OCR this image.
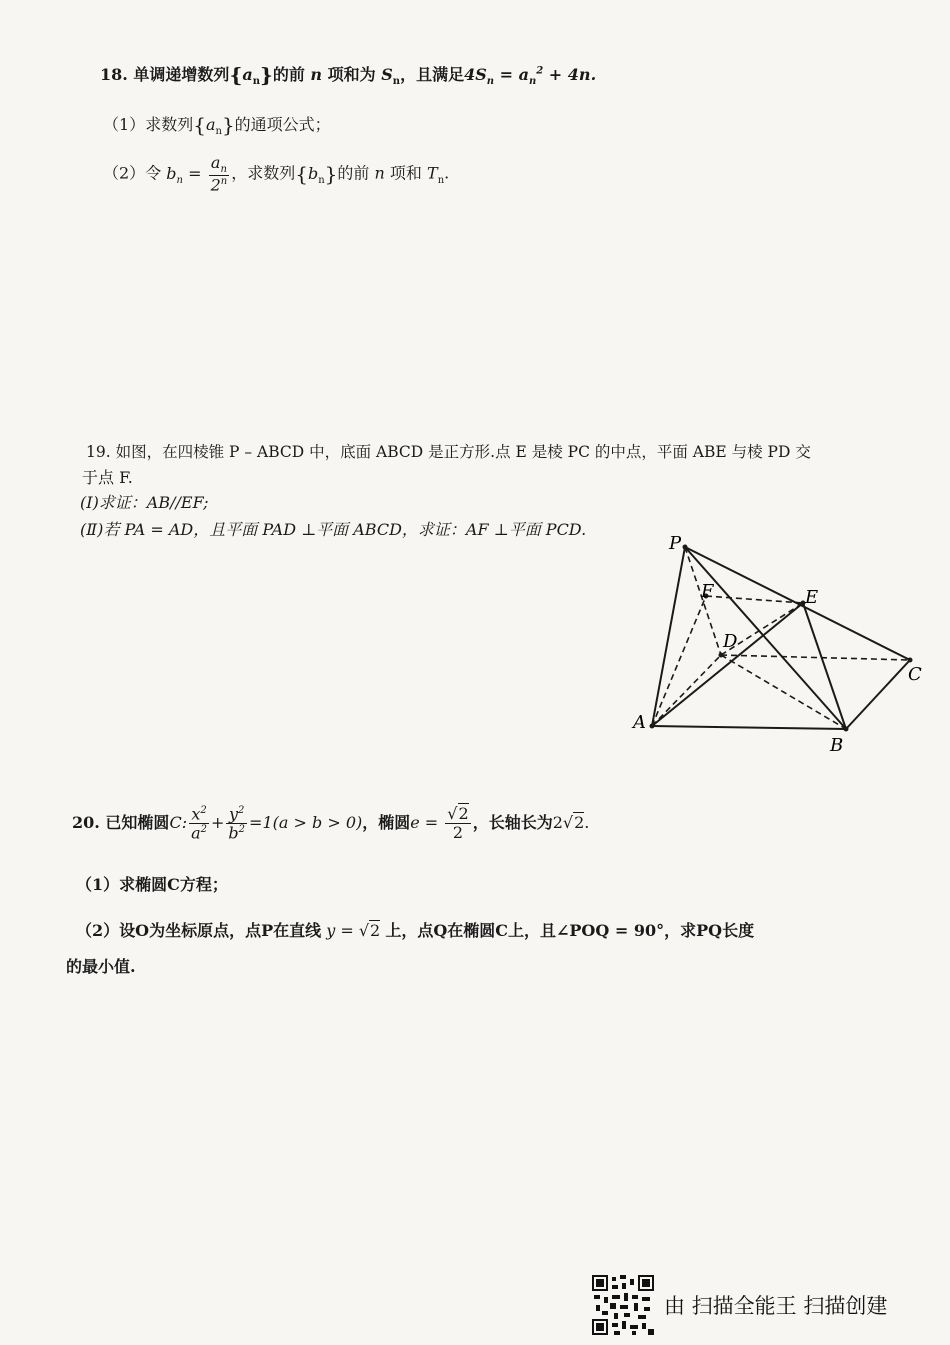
18. 单调递增数列$\{a_n\}$的前 n 项和为 $S_n$，且满足$4S_n = a_n^2 + 4n$.
（1）求数列$\{a_n\}$的通项公式；
（2）令 $b_n = \frac{a_n}{2^n}$ ，求数列$\{b_n\}$的前 n 项和 $T_n$.
19. 如图，在四棱锥 P – ABCD 中，底面 ABCD 是正方形.点 E 是棱 PC 的中点，平面 ABE 与棱 PD 交
于点 F.
(Ⅰ)求证：AB//EF;
(Ⅱ)若 PA = AD，且平面 PAD ⊥平面 ABCD，求证：AF ⊥平面 PCD.
P
F	E
D
C
A
B
20. 已知椭圆C: $\frac{x^2}{a^2} + \frac{y^2}{b^2} =1(a > b > 0)$，椭圆$e = \frac{√2}{2}$ ，长轴长为2√2.
（1）求椭圆C方程；
（2）设O为坐标原点，点P在直线 y = √2 上，点Q在椭圆C上，且∠POQ = 90°，求PQ长度
的最小值.
由 扫描全能王 扫描创建
